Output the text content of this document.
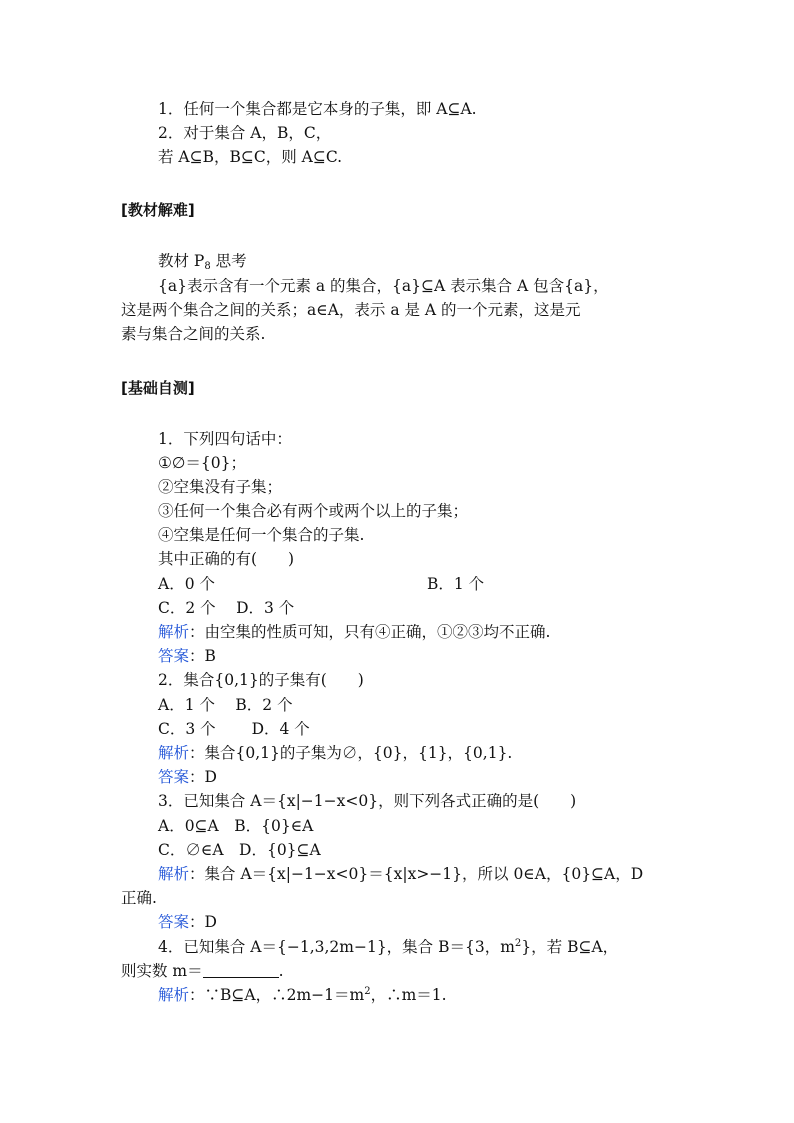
1．任何一个集合都是它本身的子集，即 A⊆A.
2．对于集合 A，B，C，
若 A⊆B，B⊆C，则 A⊆C.
[教材解难]
教材 $P_8$ 思考
{a}表示含有一个元素 a 的集合，{a}⊆A 表示集合 A 包含{a}，
这是两个集合之间的关系；a∈A，表示 a 是 A 的一个元素，这是元
素与集合之间的关系.
[基础自测]
1．下列四句话中：
①∅＝{0}；
②空集没有子集；
③任何一个集合必有两个或两个以上的子集；
④空集是任何一个集合的子集.
其中正确的有(　　)
A．0 个	B．1 个
C．2 个　 D．3 个
解析：由空集的性质可知，只有④正确，①②③均不正确.
答案：B
2．集合{0,1}的子集有(　　)
A．1 个　 B．2 个
C．3 个　　 D．4 个
解析：集合{0,1}的子集为∅，{0}，{1}，{0,1}.
答案：D
3．已知集合 A＝{x|−1−x<0}，则下列各式正确的是(　　)
A．0⊆A　B．{0}∈A
C．∅∈A　D．{0}⊆A
解析：集合 A＝{x|−1−x<0}＝{x|x>−1}，所以 0∈A，{0}⊆A，D
正确.
答案：D
4．已知集合 A＝{−1,3,2m−1}，集合 B＝{3，$m^2$}，若 B⊆A，
则实数 m＝	.
解析：∵B⊆A，$\therefore 2m-1=m^2$，∴m＝1.
